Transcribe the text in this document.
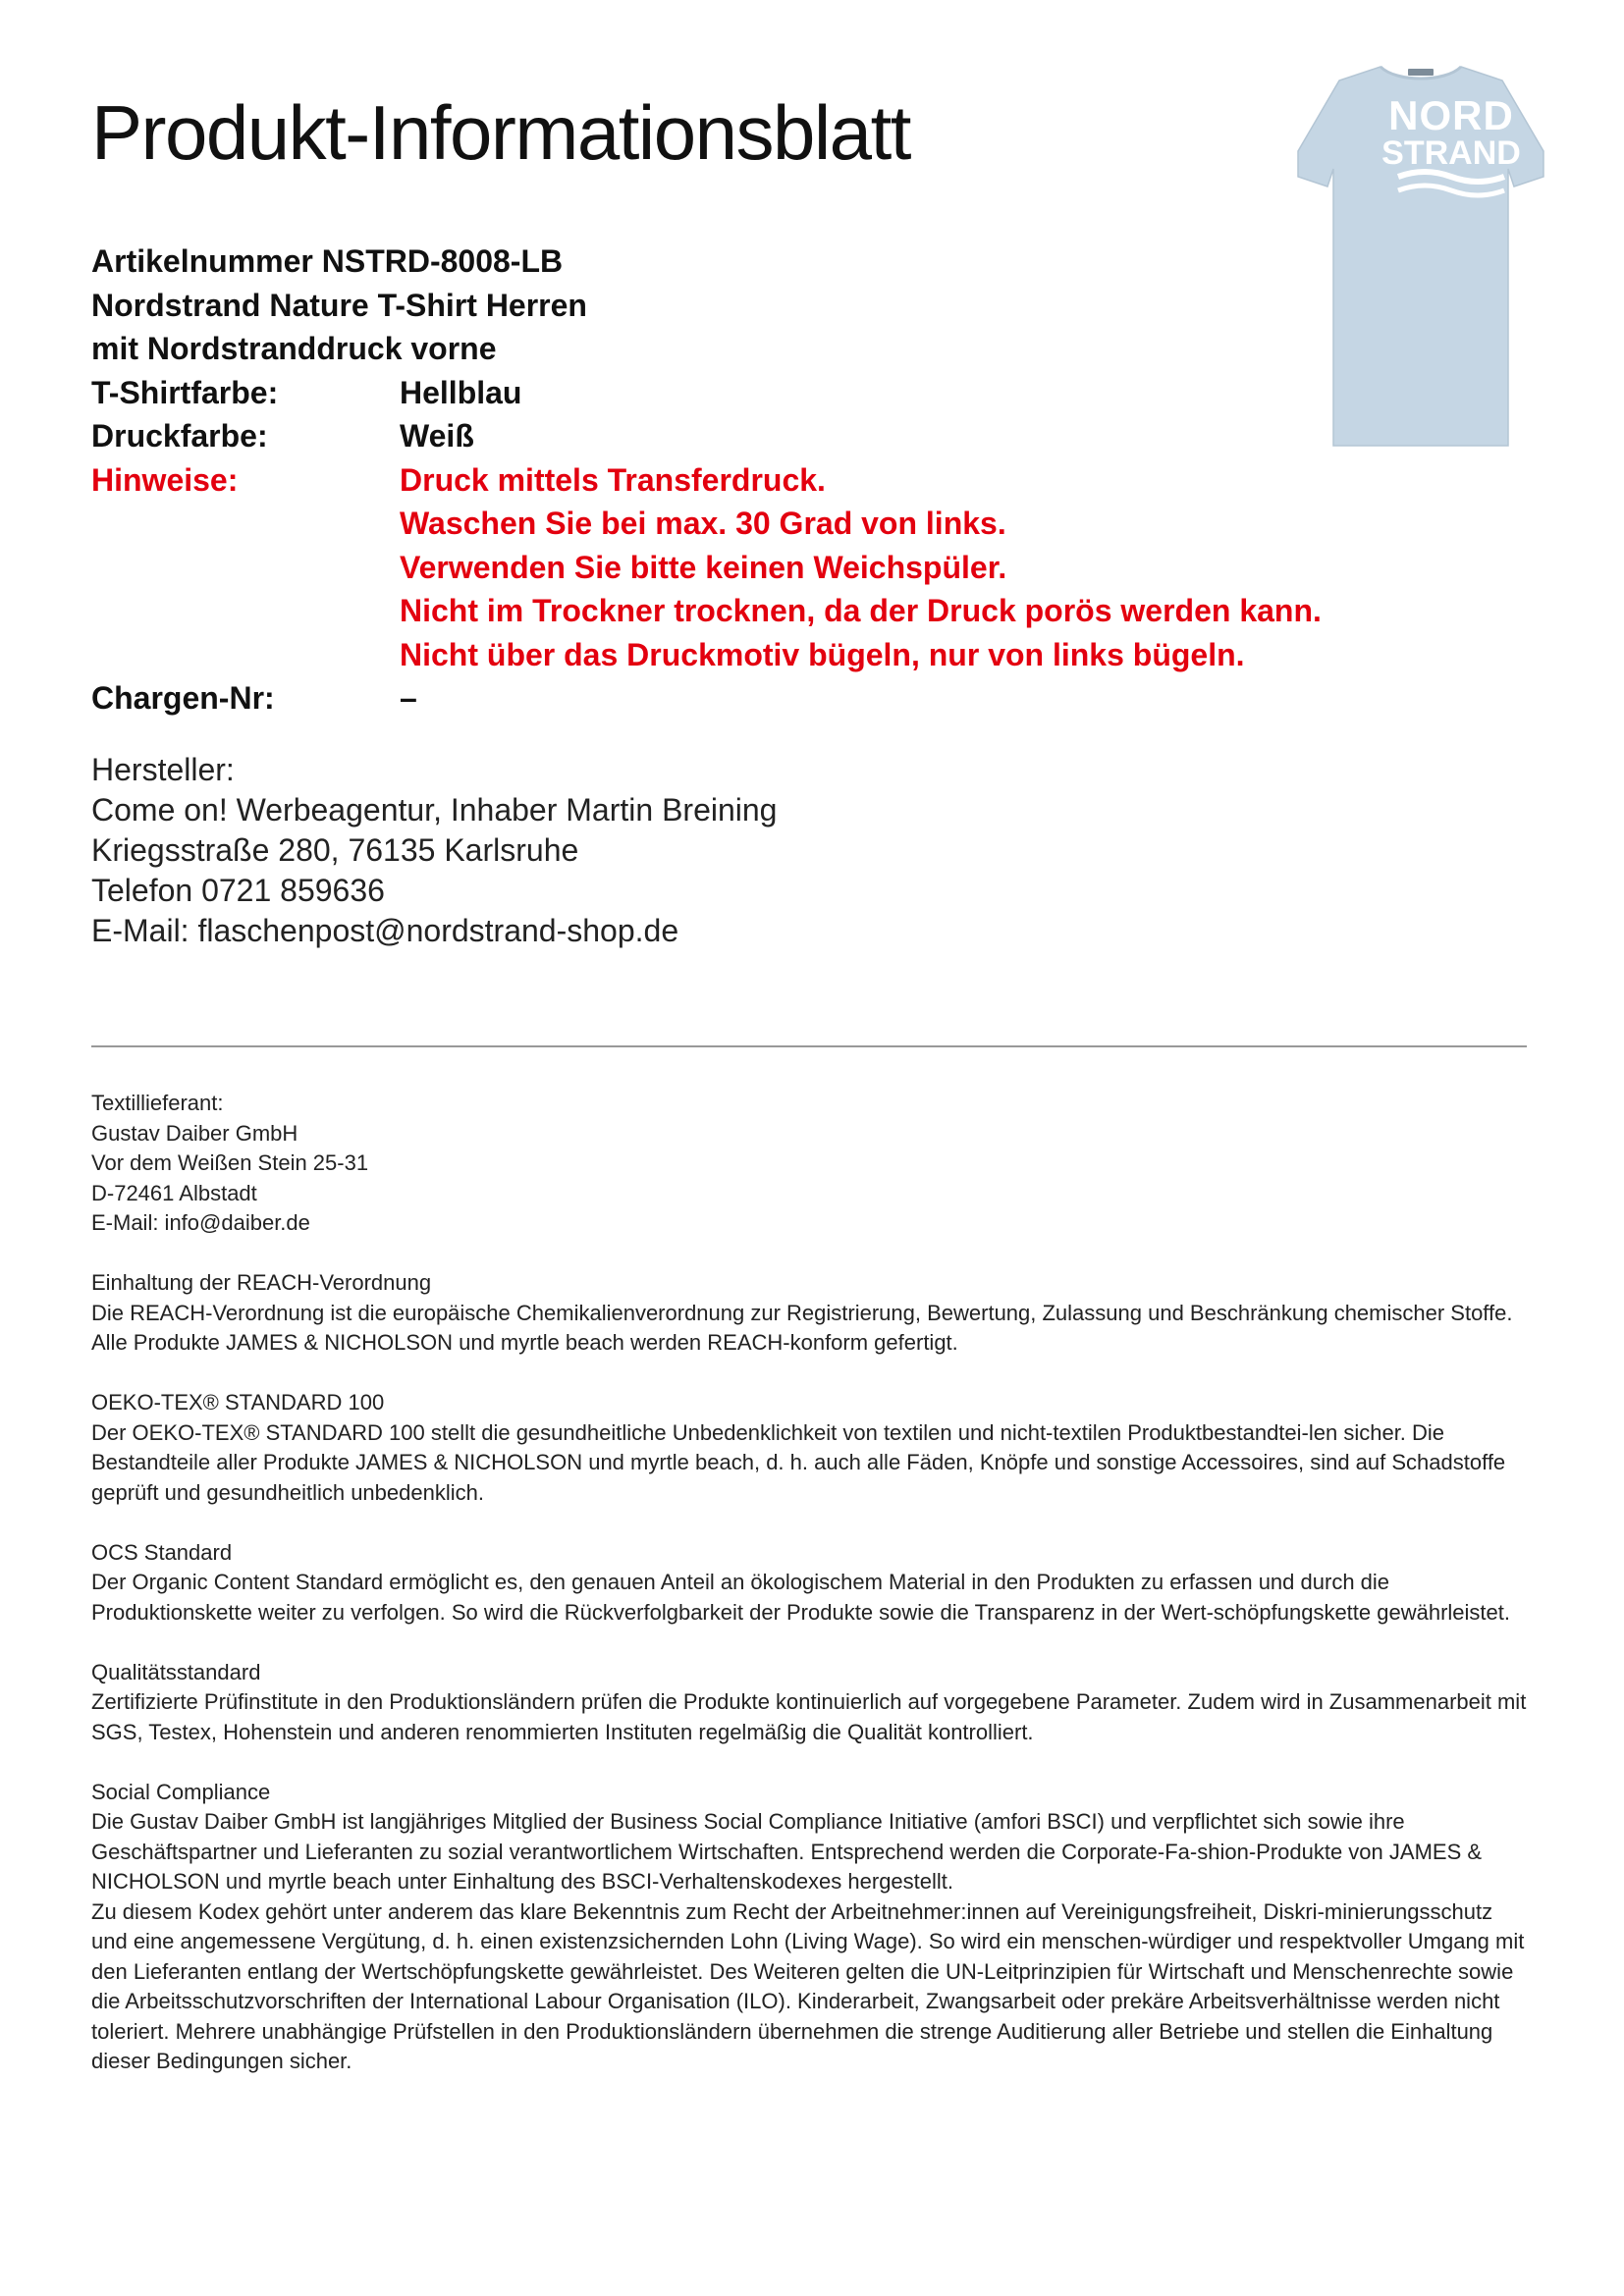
Produkt-Informationsblatt	NORD
STRAND
Artikelnummer NSTRD-8008-LB
Nordstrand Nature T-Shirt Herren
mit Nordstranddruck vorne
T-Shirtfarbe:	Hellblau
Druckfarbe:	Weiß
Hinweise:	Druck mittels Transferdruck.
Waschen Sie bei max. 30 Grad von links.
Verwenden Sie bitte keinen Weichspüler.
Nicht im Trockner trocknen, da der Druck porös werden kann.
Nicht über das Druckmotiv bügeln, nur von links bügeln.
Chargen-Nr:	–
Hersteller:
Come on! Werbeagentur, Inhaber Martin Breining
Kriegsstraße 280, 76135 Karlsruhe
Telefon 0721 859636
E-Mail: flaschenpost@nordstrand-shop.de

Textillieferant:

Gustav Daiber GmbH

Vor dem Weißen Stein 25-31

D-72461 Albstadt

E-Mail: info@daiber.de

Einhaltung der REACH-Verordnung

Die REACH-Verordnung ist die europäische Chemikalienverordnung zur Registrierung, Bewertung, Zulassung und Beschränkung chemischer Stoffe. Alle Produkte JAMES & NICHOLSON und myrtle beach werden REACH-konform gefertigt.

OEKO-TEX® STANDARD 100

Der OEKO-TEX® STANDARD 100 stellt die gesundheitliche Unbedenklichkeit von textilen und nicht-textilen Produktbestandtei-len sicher. Die Bestandteile aller Produkte JAMES & NICHOLSON und myrtle beach, d. h. auch alle Fäden, Knöpfe und sonstige Accessoires, sind auf Schadstoffe geprüft und gesundheitlich unbedenklich.

OCS Standard

Der Organic Content Standard ermöglicht es, den genauen Anteil an ökologischem Material in den Produkten zu erfassen und durch die Produktionskette weiter zu verfolgen. So wird die Rückverfolgbarkeit der Produkte sowie die Transparenz in der Wert-schöpfungskette gewährleistet.

Qualitätsstandard

Zertifizierte Prüfinstitute in den Produktionsländern prüfen die Produkte kontinuierlich auf vorgegebene Parameter. Zudem wird in Zusammenarbeit mit SGS, Testex, Hohenstein und anderen renommierten Instituten regelmäßig die Qualität kontrolliert.

Social Compliance

Die Gustav Daiber GmbH ist langjähriges Mitglied der Business Social Compliance Initiative (amfori BSCI) und verpflichtet sich sowie ihre Geschäftspartner und Lieferanten zu sozial verantwortlichem Wirtschaften. Entsprechend werden die Corporate-Fa-shion-Produkte von JAMES & NICHOLSON und myrtle beach unter Einhaltung des BSCI-Verhaltenskodexes hergestellt.

Zu diesem Kodex gehört unter anderem das klare Bekenntnis zum Recht der Arbeitnehmer:innen auf Vereinigungsfreiheit, Diskri-minierungsschutz und eine angemessene Vergütung, d. h. einen existenzsichernden Lohn (Living Wage). So wird ein menschen-würdiger und respektvoller Umgang mit den Lieferanten entlang der Wertschöpfungskette gewährleistet. Des Weiteren gelten die UN-Leitprinzipien für Wirtschaft und Menschenrechte sowie die Arbeitsschutzvorschriften der International Labour Organisation (ILO). Kinderarbeit, Zwangsarbeit oder prekäre Arbeitsverhältnisse werden nicht toleriert. Mehrere unabhängige Prüfstellen in den Produktionsländern übernehmen die strenge Auditierung aller Betriebe und stellen die Einhaltung dieser Bedingungen sicher.
